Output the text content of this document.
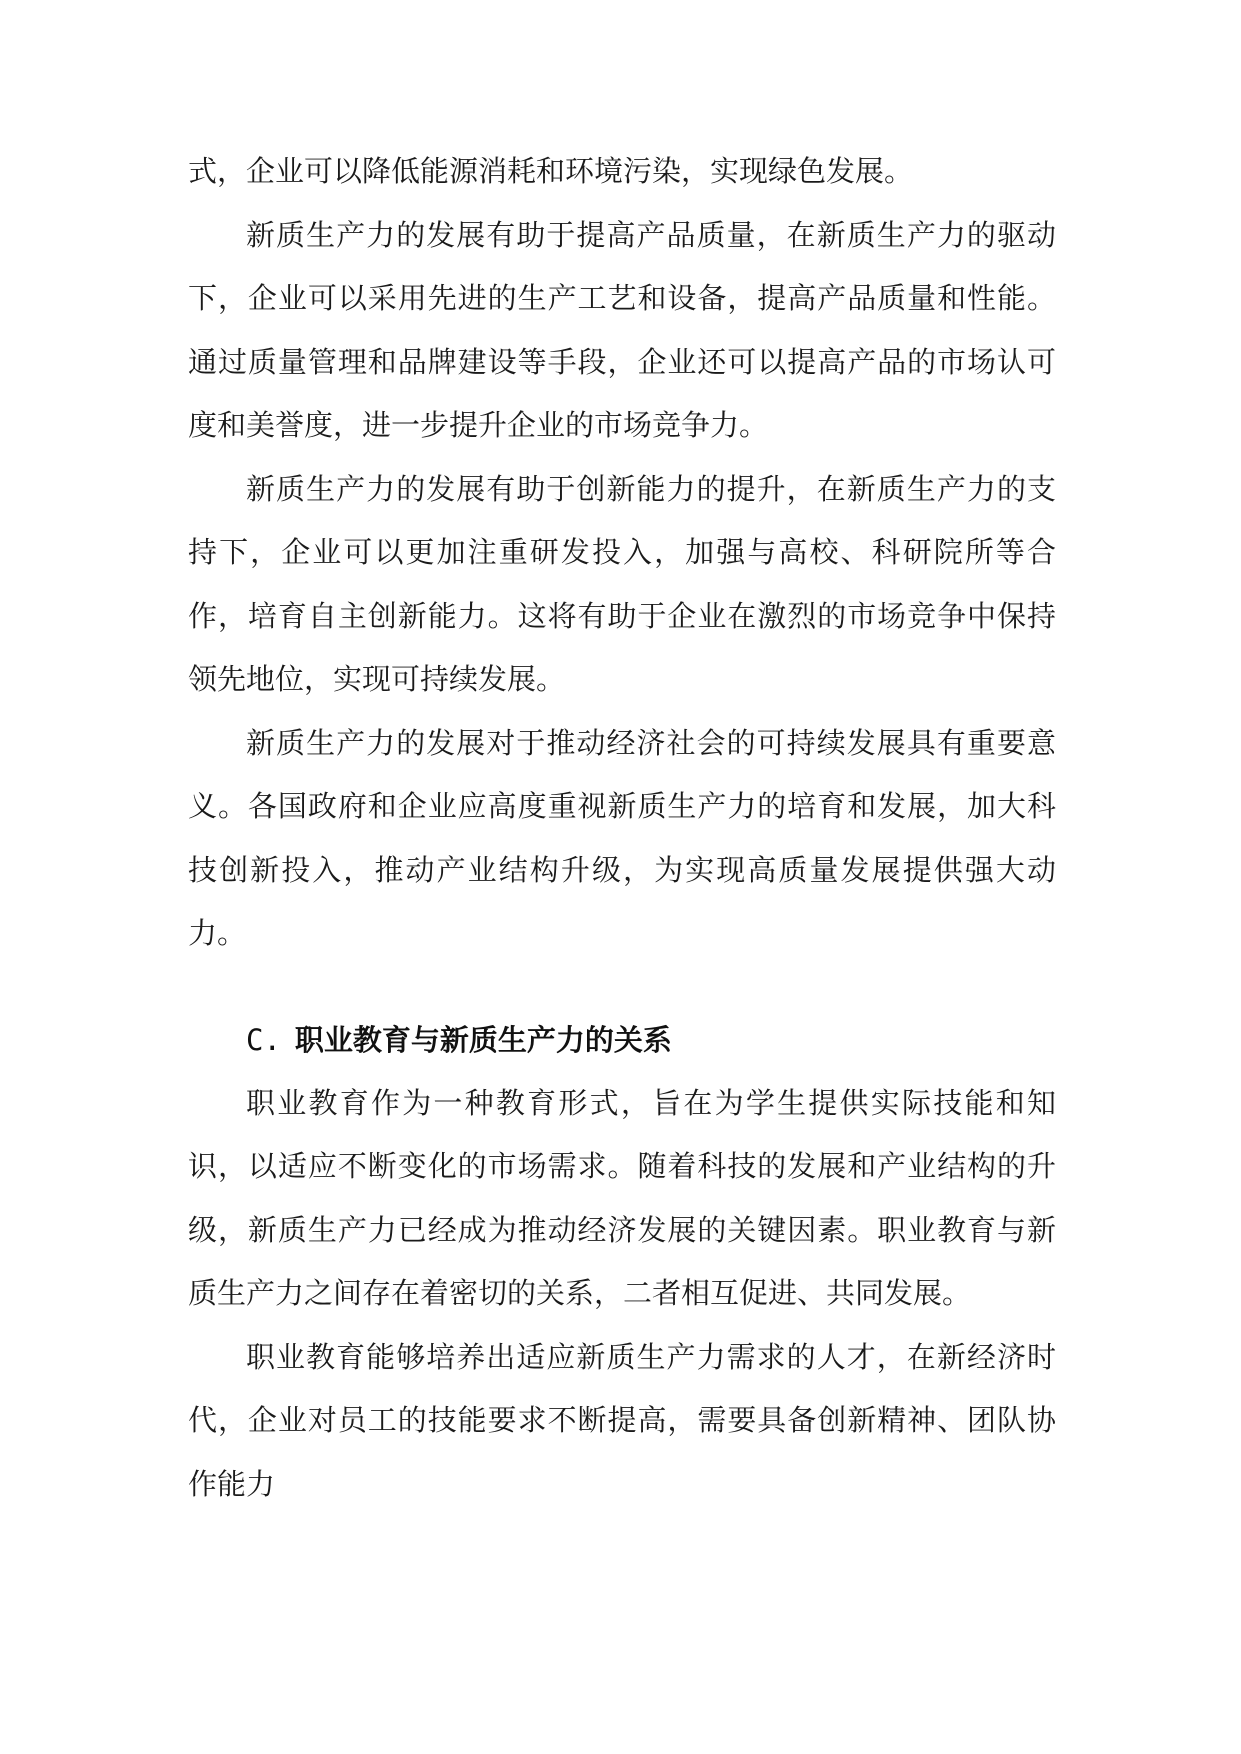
式，企业可以降低能源消耗和环境污染，实现绿色发展。

新质生产力的发展有助于提高产品质量，在新质生产力的驱动下，企业可以采用先进的生产工艺和设备，提高产品质量和性能。通过质量管理和品牌建设等手段，企业还可以提高产品的市场认可度和美誉度，进一步提升企业的市场竞争力。

新质生产力的发展有助于创新能力的提升，在新质生产力的支持下，企业可以更加注重研发投入，加强与高校、科研院所等合作，培育自主创新能力。这将有助于企业在激烈的市场竞争中保持领先地位，实现可持续发展。

新质生产力的发展对于推动经济社会的可持续发展具有重要意义。各国政府和企业应高度重视新质生产力的培育和发展，加大科技创新投入，推动产业结构升级，为实现高质量发展提供强大动力。

C. 职业教育与新质生产力的关系

职业教育作为一种教育形式，旨在为学生提供实际技能和知识，以适应不断变化的市场需求。随着科技的发展和产业结构的升级，新质生产力已经成为推动经济发展的关键因素。职业教育与新质生产力之间存在着密切的关系，二者相互促进、共同发展。

职业教育能够培养出适应新质生产力需求的人才，在新经济时代，企业对员工的技能要求不断提高，需要具备创新精神、团队协作能力
